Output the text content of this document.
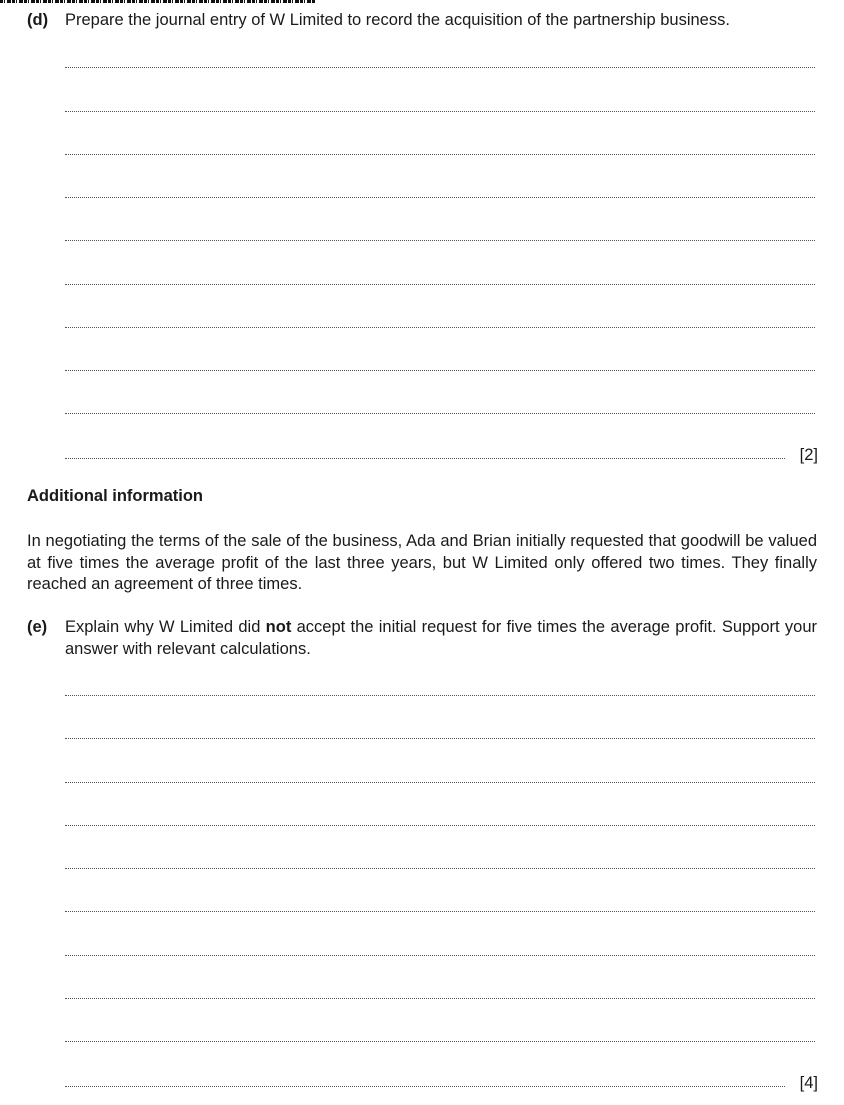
(d) Prepare the journal entry of W Limited to record the acquisition of the partnership business.
[2]
Additional information
In negotiating the terms of the sale of the business, Ada and Brian initially requested that goodwill be valued at five times the average profit of the last three years, but W Limited only offered two times. They finally reached an agreement of three times.
(e) Explain why W Limited did not accept the initial request for five times the average profit. Support your answer with relevant calculations.
[4]
